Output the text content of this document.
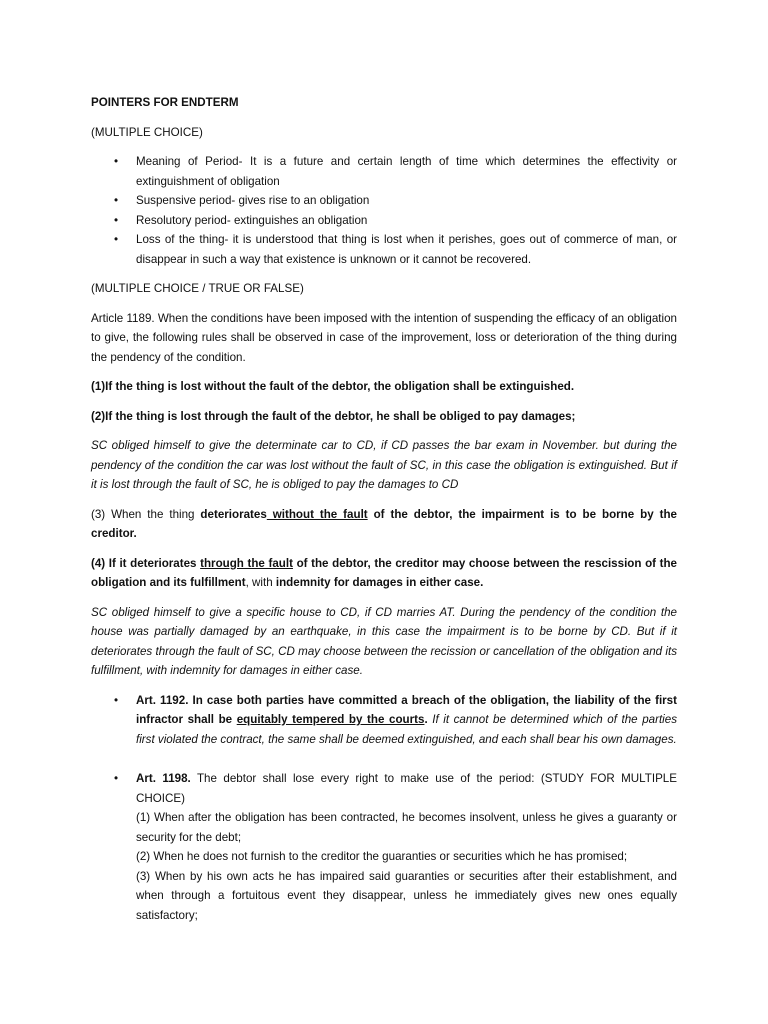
POINTERS FOR ENDTERM

(MULTIPLE CHOICE)

• Meaning of Period- It is a future and certain length of time which determines the effectivity or extinguishment of obligation
• Suspensive period- gives rise to an obligation
• Resolutory period- extinguishes an obligation
• Loss of the thing- it is understood that thing is lost when it perishes, goes out of commerce of man, or disappear in such a way that existence is unknown or it cannot be recovered.

(MULTIPLE CHOICE / TRUE OR FALSE)

Article 1189. When the conditions have been imposed with the intention of suspending the efficacy of an obligation to give, the following rules shall be observed in case of the improvement, loss or deterioration of the thing during the pendency of the condition.

(1)If the thing is lost without the fault of the debtor, the obligation shall be extinguished.

(2)If the thing is lost through the fault of the debtor, he shall be obliged to pay damages;

SC obliged himself to give the determinate car to CD, if CD passes the bar exam in November. but during the pendency of the condition the car was lost without the fault of SC, in this case the obligation is extinguished. But if it is lost through the fault of SC, he is obliged to pay the damages to CD

(3) When the thing deteriorates without the fault of the debtor, the impairment is to be borne by the creditor.

(4) If it deteriorates through the fault of the debtor, the creditor may choose between the rescission of the obligation and its fulfillment, with indemnity for damages in either case.

SC obliged himself to give a specific house to CD, if CD marries AT. During the pendency of the condition the house was partially damaged by an earthquake, in this case the impairment is to be borne by CD. But if it deteriorates through the fault of SC, CD may choose between the recission or cancellation of the obligation and its fulfillment, with indemnity for damages in either case.

• Art. 1192. In case both parties have committed a breach of the obligation, the liability of the first infractor shall be equitably tempered by the courts. If it cannot be determined which of the parties first violated the contract, the same shall be deemed extinguished, and each shall bear his own damages.
• Art. 1198. The debtor shall lose every right to make use of the period: (STUDY FOR MULTIPLE CHOICE)
(1) When after the obligation has been contracted, he becomes insolvent, unless he gives a guaranty or security for the debt;
(2) When he does not furnish to the creditor the guaranties or securities which he has promised;
(3) When by his own acts he has impaired said guaranties or securities after their establishment, and when through a fortuitous event they disappear, unless he immediately gives new ones equally satisfactory;
